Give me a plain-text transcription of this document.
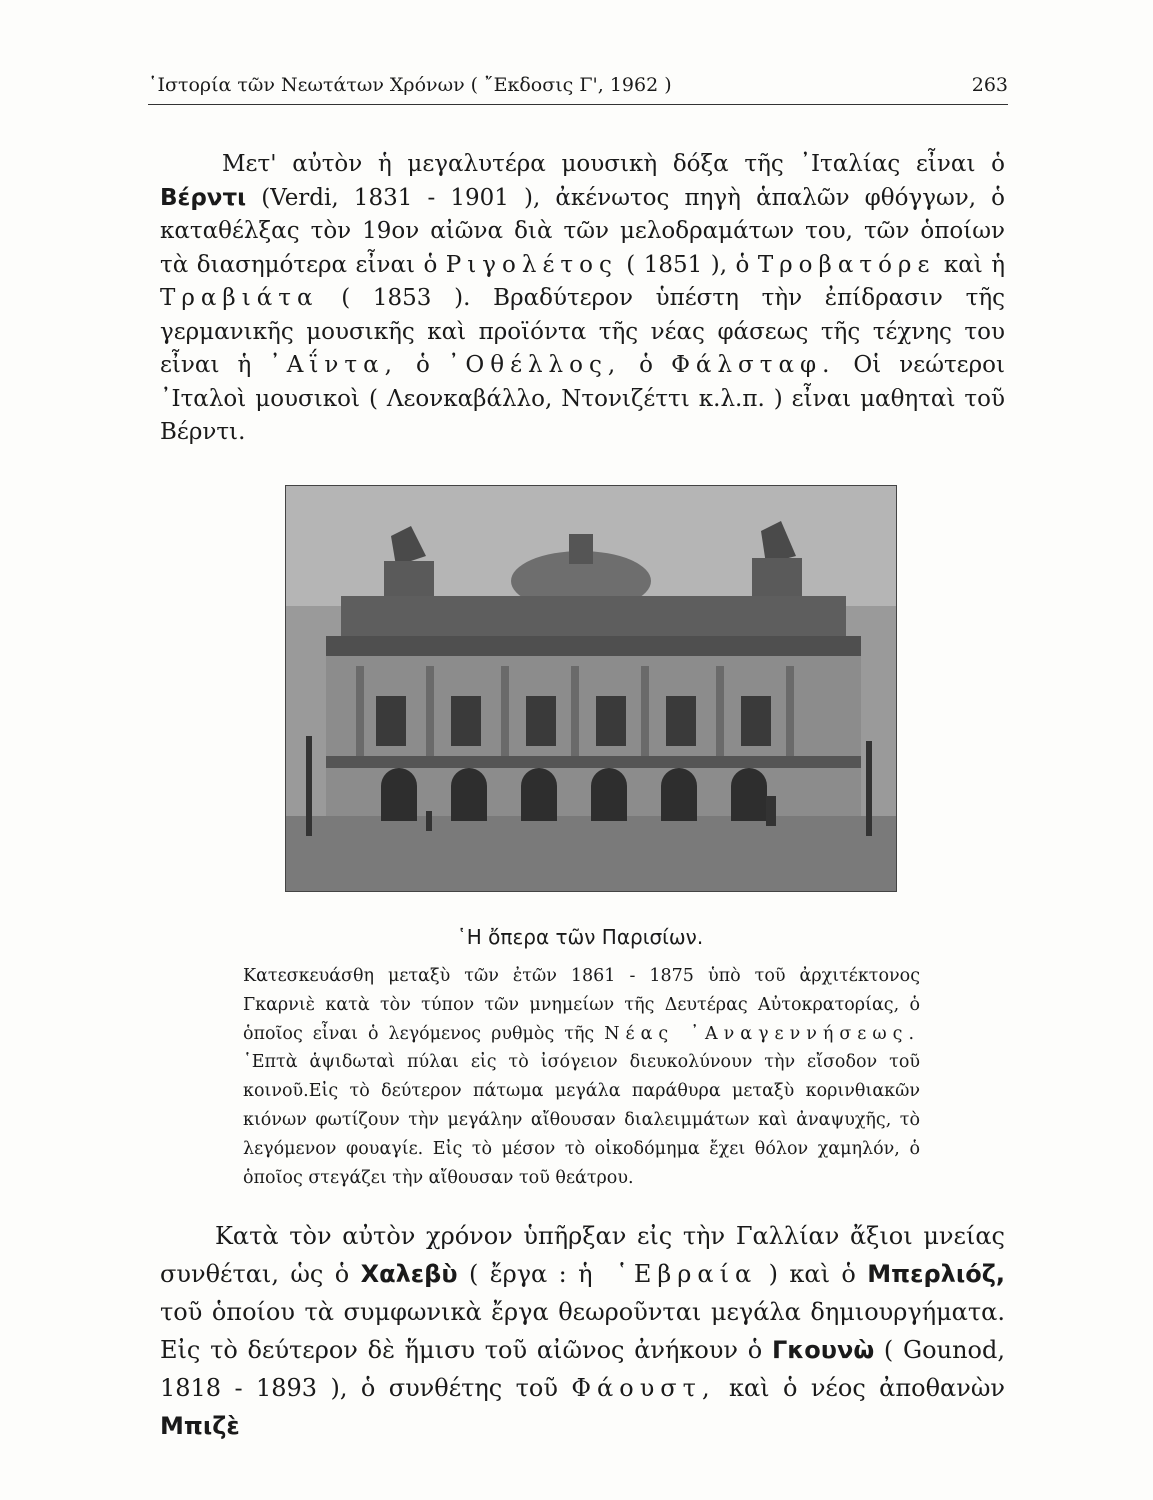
῾Ιστορία τῶν Νεωτάτων Χρόνων ( ῎Εκδοσις Γ', 1962 )	263

Μετ' αὐτὸν ἡ μεγαλυτέρα μουσικὴ δόξα τῆς ᾽Ιταλίας εἶναι ὁ Βέρντι (Verdi, 1831 - 1901 ), ἀκένωτος πηγὴ ἁπαλῶν φθόγγων, ὁ καταθέλξας τὸν 19ον αἰῶνα διὰ τῶν μελοδραμάτων του, τῶν ὁποίων τὰ διασημότερα εἶναι ὁ Ριγολέτος ( 1851 ), ὁ Τροβατόρε καὶ ἡ Τραβιάτα ( 1853 ). Βραδύτερον ὑπέστη τὴν ἐπίδρασιν τῆς γερμανικῆς μουσικῆς καὶ προϊόντα τῆς νέας φάσεως τῆς τέχνης του εἶναι ἡ ᾽Αΐντα, ὁ ᾽Οθέλλος, ὁ Φάλσταφ. Οἱ νεώτεροι ᾽Ιταλοὶ μουσικοὶ ( Λεονκαβάλλο, Ντονιζέττι κ.λ.π. ) εἶναι μαθηταὶ τοῦ Βέρντι.

῾Η ὄπερα τῶν Παρισίων.

Κατεσκευάσθη μεταξὺ τῶν ἐτῶν 1861 - 1875 ὑπὸ τοῦ ἀρχιτέκτονος Γκαρνιὲ κατὰ τὸν τύπον τῶν μνημείων τῆς Δευτέρας Αὐτοκρατορίας, ὁ ὁποῖος εἶναι ὁ λεγόμενος ρυθμὸς τῆς Νέας ᾽Αναγεννήσεως. ῾Επτὰ ἁψιδωταὶ πύλαι εἰς τὸ ἰσόγειον διευκολύνουν τὴν εἴσοδον τοῦ κοινοῦ.Εἰς τὸ δεύτερον πάτωμα μεγάλα παράθυρα μεταξὺ κορινθιακῶν κιόνων φωτίζουν τὴν μεγάλην αἴθουσαν διαλειμμάτων καὶ ἀναψυχῆς, τὸ λεγόμενον φουαγίε. Εἰς τὸ μέσον τὸ οἰκοδόμημα ἔχει θόλον χαμηλόν, ὁ ὁποῖος στεγάζει τὴν αἴθουσαν τοῦ θεάτρου.

Κατὰ τὸν αὐτὸν χρόνον ὑπῆρξαν εἰς τὴν Γαλλίαν ἄξιοι μνείας συνθέται, ὡς ὁ Χαλεβὺ ( ἔργα : ἡ ῾Εβραία ) καὶ ὁ Μπερλιόζ, τοῦ ὁποίου τὰ συμφωνικὰ ἔργα θεωροῦνται μεγάλα δημιουργήματα. Εἰς τὸ δεύτερον δὲ ἥμισυ τοῦ αἰῶνος ἀνήκουν ὁ Γκουνὼ ( Gounod, 1818 - 1893 ), ὁ συνθέτης τοῦ Φάουστ, καὶ ὁ νέος ἀποθανὼν Μπιζὲ
